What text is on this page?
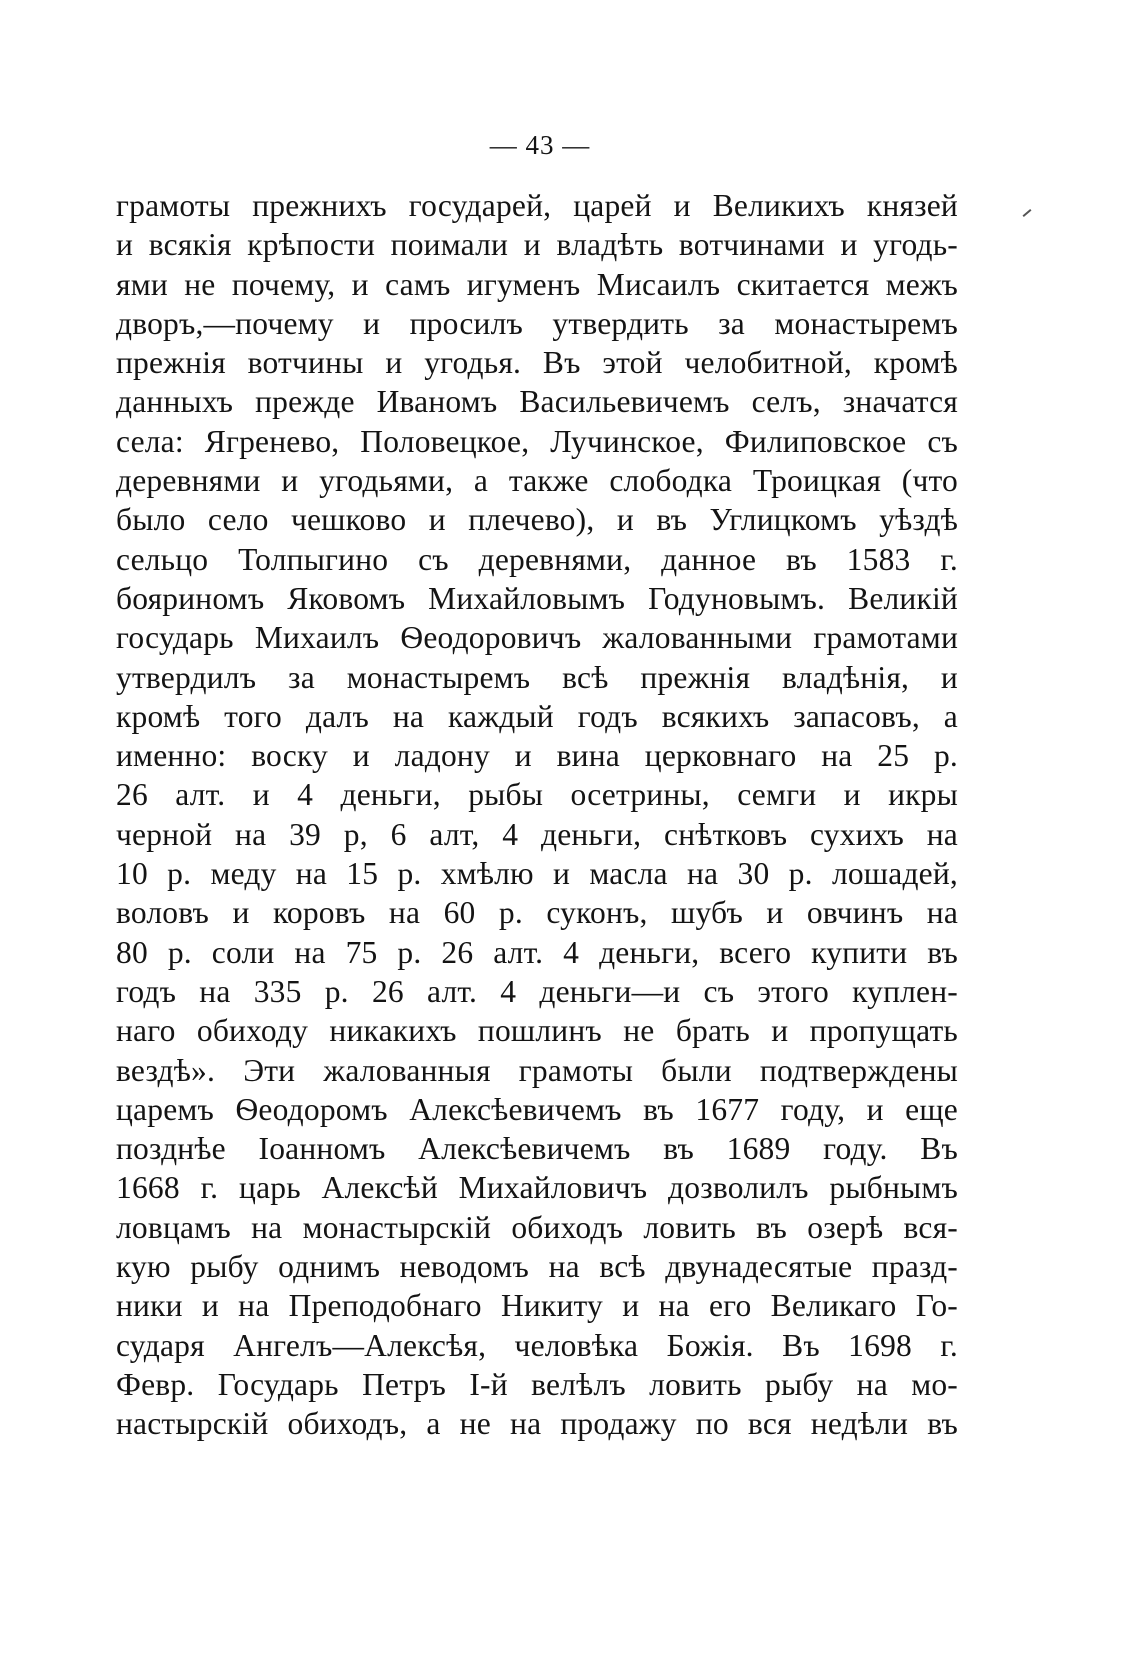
— 43 —
грамоты прежнихъ государей, царей и Великихъ князей
и всякія крѣпости поимали и владѣть вотчинами и угодь-
ями не почему, и самъ игуменъ Мисаилъ скитается межъ
дворъ,—почему и просилъ утвердить за монастыремъ
прежнія вотчины и угодья. Въ этой челобитной, кромѣ
данныхъ прежде Иваномъ Васильевичемъ селъ, значатся
села: Ягренево, Половецкое, Лучинское, Филиповское съ
деревнями и угодьями, а также слободка Троицкая (что
было село чешково и плечево), и въ Углицкомъ уѣздѣ
сельцо Толпыгино съ деревнями, данное въ 1583 г.
бояриномъ Яковомъ Михайловымъ Годуновымъ. Великій
государь Михаилъ Ѳеодоровичъ жалованными грамотами
утвердилъ за монастыремъ всѣ прежнія владѣнія, и
кромѣ того далъ на каждый годъ всякихъ запасовъ, а
именно: воску и ладону и вина церковнаго на 25 р.
26 алт. и 4 деньги, рыбы осетрины, семги и икры
черной на 39 р, 6 алт, 4 деньги, снѣтковъ сухихъ на
10 р. меду на 15 р. хмѣлю и масла на 30 р. лошадей,
воловъ и коровъ на 60 р. суконъ, шубъ и овчинъ на
80 р. соли на 75 р. 26 алт. 4 деньги, всего купити въ
годъ на 335 р. 26 алт. 4 деньги—и съ этого куплен-
наго обиходу никакихъ пошлинъ не брать и пропущать
вездѣ». Эти жалованныя грамоты были подтверждены
царемъ Ѳеодоромъ Алексѣевичемъ въ 1677 году, и еще
позднѣе Іоанномъ Алексѣевичемъ въ 1689 году. Въ
1668 г. царь Алексѣй Михайловичъ дозволилъ рыбнымъ
ловцамъ на монастырскій обиходъ ловить въ озерѣ вся-
кую рыбу однимъ неводомъ на всѣ двунадесятые празд-
ники и на Преподобнаго Никиту и на его Великаго Го-
сударя Ангелъ—Алексѣя, человѣка Божія. Въ 1698 г.
Февр. Государь Петръ I-й велѣлъ ловить рыбу на мо-
настырскій обиходъ, а не на продажу по вся недѣли въ
